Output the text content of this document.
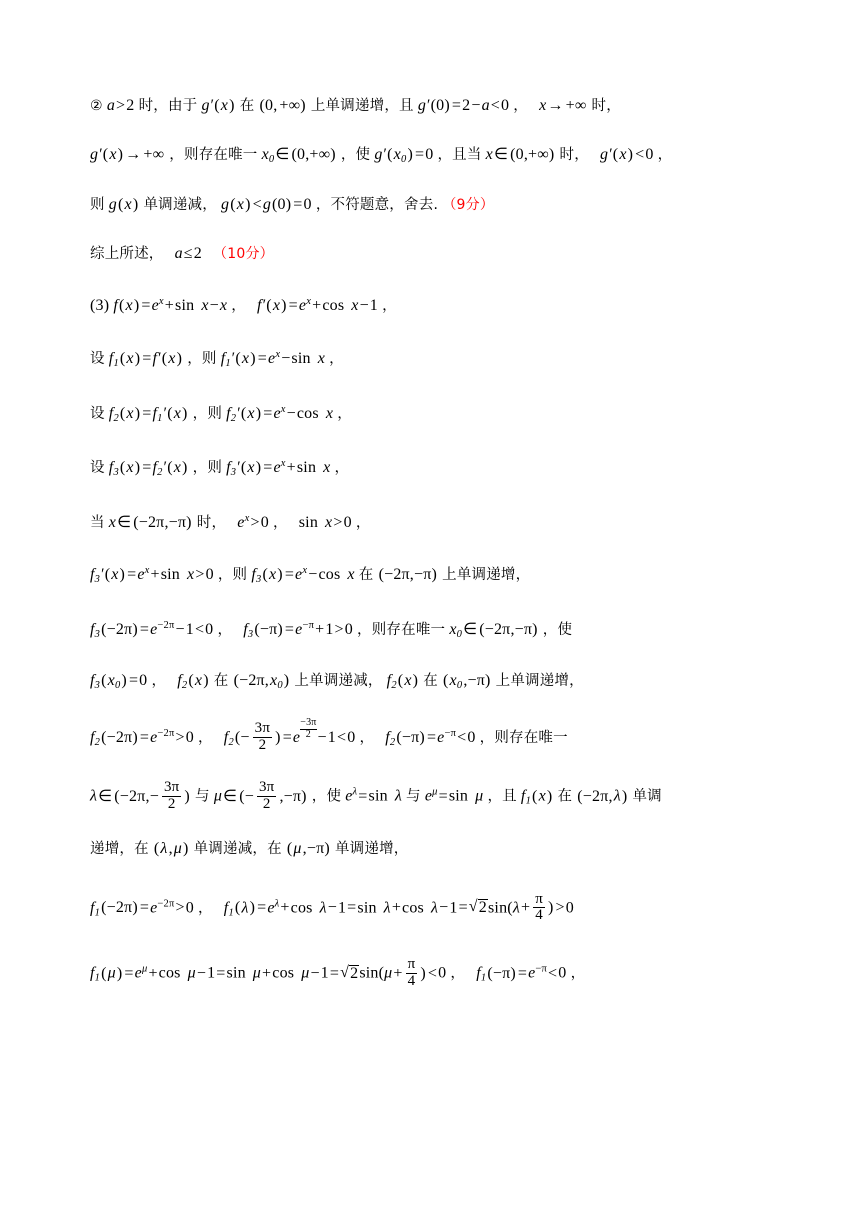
② a>2 时，由于 g′(x) 在 (0, +∞) 上单调递增，且 g′(0) =2−a<0 ， x→ +∞ 时，
g′(x) → +∞ ，则存在唯一 $x_0\in$ (0,+∞) ，使 $g'(x_0) =0$ ，且当 x∈ (0,+∞) 时， g′(x) <0 ，
则 g(x) 单调递减， g(x) <g(0) =0 ，不符题意，舍去. （9分）
综上所述， a≤2 （10分）
(3) $f(x) =e^x+\sin$ x−x ， $f'(x) =e^x+\cos$ x−1 ，
设 $f_1(x) =f'(x)$ ，则 $f_1'(x) =e^x-\sin$ x ，
设 $f_2(x) =f_1'(x)$ ，则 $f_2'(x) =e^x-\cos$ x ，
设 $f_3(x) =f_2'(x)$ ，则 $f_3'(x) =e^x+\sin$ x ，
当 x∈ (−2π,−π) 时， $e^x>0$ ， sin x>0 ，
$f_3'(x) =e^x+\sin$ x>0 ，则 $f_3(x) =e^x-\cos$ x 在 (−2π,−π) 上单调递增，
$f_3(-2\pi) =e^{-2\pi}-1<0$ ， $f_3(-\pi) =e^{-\pi}+1>0$ ，则存在唯一 $x_0\in$ (−2π,−π) ，使
$f_3(x_0) =0$ ， $f_2(x)$ 在 $(-2\pi,x_0)$ 上单调递减， $f_2(x)$ 在 $(x_0,-\pi)$ 上单调递增，
$f_2(-2\pi) =e^{-2\pi}>0$ ， $f_2(- \frac{3\pi}{2}$ ) $=e \frac{-3\pi}{2} -1<0$ ， $f_2(-\pi) =e^{-\pi}<0$ ，则存在唯一
λ∈ ($-2\pi,- \frac{3\pi}{2}$ ) 与 μ∈ (− $\frac{3\pi}{2} ,-\pi$) ，使 $e^\lambda=\sin$ λ 与 $e^\mu=\sin$ μ ，且 $f_1(x)$ 在 (−2π,λ) 单调
递增，在 (λ,μ) 单调递减，在 (μ,−π) 单调递增，
$f_1(-2\pi) =e^{-2\pi}>0$ ， $f_1(\lambda) =e^\lambda+\cos$ λ−1=sin λ+cos λ−1= √ $2\sin(\lambda+ \frac{\pi}{4}$ ) >0
$f_1(\mu) =e^\mu+\cos$ μ−1=sin μ+cos μ−1= √ $2\sin(\mu+ \frac{\pi}{4}$ ) <0 ， $f_1(-\pi) =e^{-\pi}<0$ ，
